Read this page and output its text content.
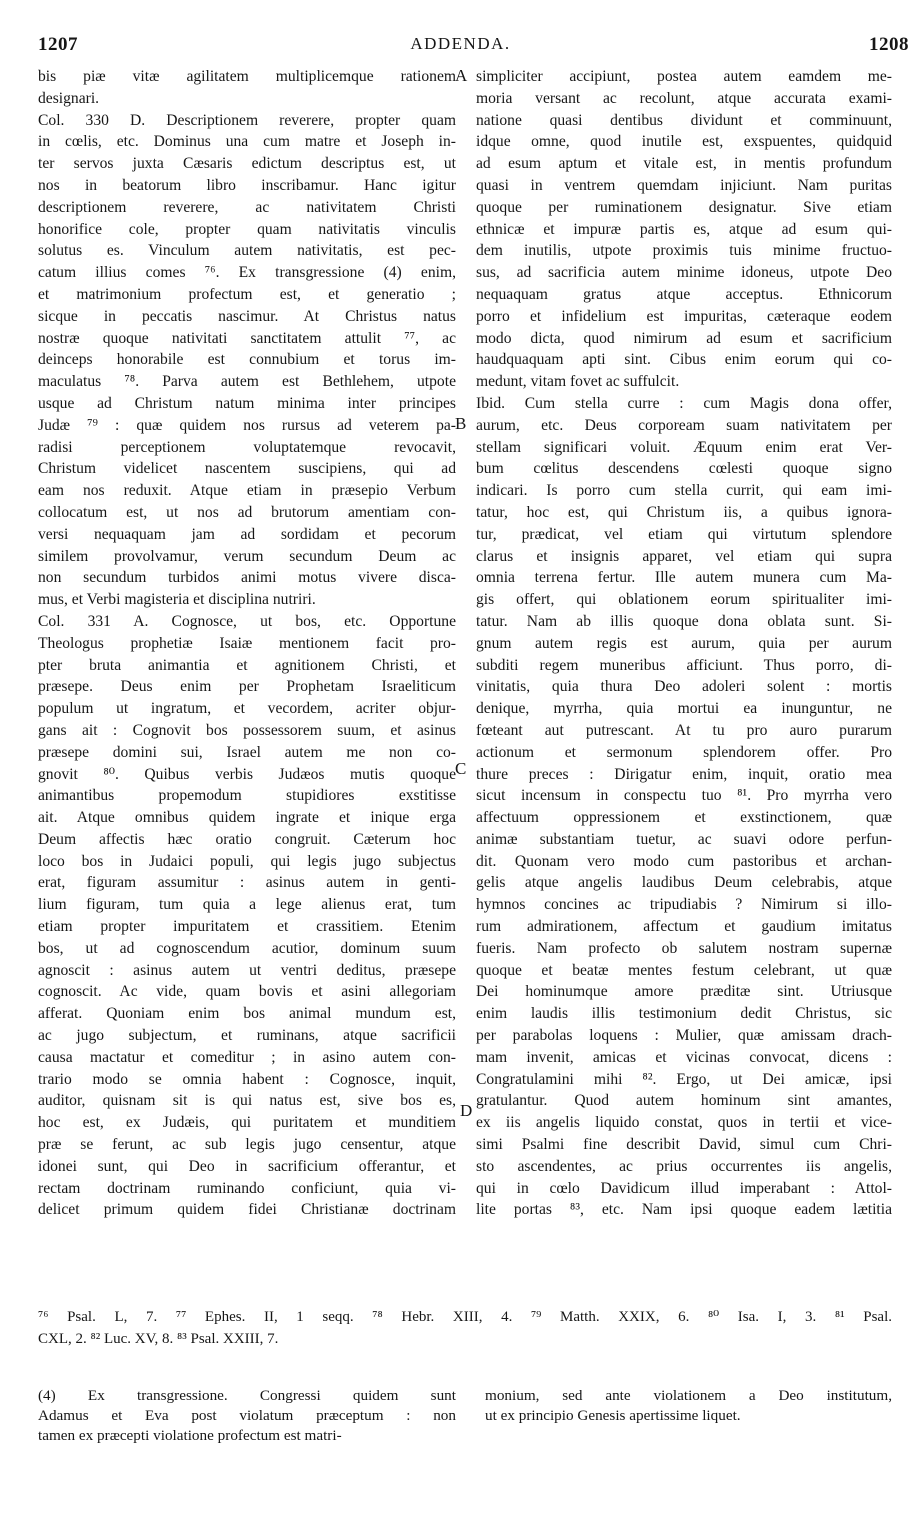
1207	ADDENDA.	1208
bis piæ vitæ agilitatem multiplicemque rationem
designari.
Col. 330 D. Descriptionem reverere, propter quam
in cœlis, etc. Dominus una cum matre et Joseph in-
ter servos juxta Cæsaris edictum descriptus est, ut
nos in beatorum libro inscribamur. Hanc igitur
descriptionem reverere, ac nativitatem Christi
honorifice cole, propter quam nativitatis vinculis
solutus es. Vinculum autem nativitatis, est pec-
catum illius comes ⁷⁶. Ex transgressione (4) enim,
et matrimonium profectum est, et generatio ;
sicque in peccatis nascimur. At Christus natus
nostræ quoque nativitati sanctitatem attulit ⁷⁷, ac
deinceps honorabile est connubium et torus im-
maculatus ⁷⁸. Parva autem est Bethlehem, utpote
usque ad Christum natum minima inter principes
Judæ ⁷⁹ : quæ quidem nos rursus ad veterem pa-
radisi perceptionem voluptatemque revocavit,
Christum videlicet nascentem suscipiens, qui ad
eam nos reduxit. Atque etiam in præsepio Verbum
collocatum est, ut nos ad brutorum amentiam con-
versi nequaquam jam ad sordidam et pecorum
similem provolvamur, verum secundum Deum ac
non secundum turbidos animi motus vivere disca-
mus, et Verbi magisteria et disciplina nutriri.
Col. 331 A. Cognosce, ut bos, etc. Opportune
Theologus prophetiæ Isaiæ mentionem facit pro-
pter bruta animantia et agnitionem Christi, et
præsepe. Deus enim per Prophetam Israeliticum
populum ut ingratum, et vecordem, acriter objur-
gans ait : Cognovit bos possessorem suum, et asinus
præsepe domini sui, Israel autem me non co-
gnovit ⁸⁰. Quibus verbis Judæos mutis quoque
animantibus propemodum stupidiores exstitisse
ait. Atque omnibus quidem ingrate et inique erga
Deum affectis hæc oratio congruit. Cæterum hoc
loco bos in Judaici populi, qui legis jugo subjectus
erat, figuram assumitur : asinus autem in genti-
lium figuram, tum quia a lege alienus erat, tum
etiam propter impuritatem et crassitiem. Etenim
bos, ut ad cognoscendum acutior, dominum suum
agnoscit : asinus autem ut ventri deditus, præsepe
cognoscit. Ac vide, quam bovis et asini allegoriam
afferat. Quoniam enim bos animal mundum est,
ac jugo subjectum, et ruminans, atque sacrificii
causa mactatur et comeditur ; in asino autem con-
trario modo se omnia habent : Cognosce, inquit,
auditor, quisnam sit is qui natus est, sive bos es,
hoc est, ex Judæis, qui puritatem et munditiem
præ se ferunt, ac sub legis jugo censentur, atque
idonei sunt, qui Deo in sacrificium offerantur, et
rectam doctrinam ruminando conficiunt, quia vi-
delicet primum quidem fidei Christianæ doctrinam
simpliciter accipiunt, postea autem eamdem me-
moria versant ac recolunt, atque accurata exami-
natione quasi dentibus dividunt et comminuunt,
idque omne, quod inutile est, exspuentes, quidquid
ad esum aptum et vitale est, in mentis profundum
quasi in ventrem quemdam injiciunt. Nam puritas
quoque per ruminationem designatur. Sive etiam
ethnicæ et impuræ partis es, atque ad esum qui-
dem inutilis, utpote proximis tuis minime fructuo-
sus, ad sacrificia autem minime idoneus, utpote Deo
nequaquam gratus atque acceptus. Ethnicorum
porro et infidelium est impuritas, cæteraque eodem
modo dicta, quod nimirum ad esum et sacrificium
haudquaquam apti sint. Cibus enim eorum qui co-
medunt, vitam fovet ac suffulcit.
Ibid. Cum stella curre : cum Magis dona offer,
aurum, etc. Deus corpoream suam nativitatem per
stellam significari voluit. Æquum enim erat Ver-
bum cœlitus descendens cœlesti quoque signo
indicari. Is porro cum stella currit, qui eam imi-
tatur, hoc est, qui Christum iis, a quibus ignora-
tur, prædicat, vel etiam qui virtutum splendore
clarus et insignis apparet, vel etiam qui supra
omnia terrena fertur. Ille autem munera cum Ma-
gis offert, qui oblationem eorum spiritualiter imi-
tatur. Nam ab illis quoque dona oblata sunt. Si-
gnum autem regis est aurum, quia per aurum
subditi regem muneribus afficiunt. Thus porro, di-
vinitatis, quia thura Deo adoleri solent : mortis
denique, myrrha, quia mortui ea inunguntur, ne
fœteant aut putrescant. At tu pro auro purarum
actionum et sermonum splendorem offer. Pro
thure preces : Dirigatur enim, inquit, oratio mea
sicut incensum in conspectu tuo ⁸¹. Pro myrrha vero
affectuum oppressionem et exstinctionem, quæ
animæ substantiam tuetur, ac suavi odore perfun-
dit. Quonam vero modo cum pastoribus et archan-
gelis atque angelis laudibus Deum celebrabis, atque
hymnos concines ac tripudiabis ? Nimirum si illo-
rum admirationem, affectum et gaudium imitatus
fueris. Nam profecto ob salutem nostram supernæ
quoque et beatæ mentes festum celebrant, ut quæ
Dei hominumque amore præditæ sint. Utriusque
enim laudis illis testimonium dedit Christus, sic
per parabolas loquens : Mulier, quæ amissam drach-
mam invenit, amicas et vicinas convocat, dicens :
Congratulamini mihi ⁸². Ergo, ut Dei amicæ, ipsi
gratulantur. Quod autem hominum sint amantes,
ex iis angelis liquido constat, quos in tertii et vice-
simi Psalmi fine describit David, simul cum Chri-
sto ascendentes, ac prius occurrentes iis angelis,
qui in cœlo Davidicum illud imperabant : Attol-
lite portas ⁸³, etc. Nam ipsi quoque eadem lætitia
A
B
C
D
⁷⁶ Psal. L, 7. ⁷⁷ Ephes. II, 1 seqq. ⁷⁸ Hebr. XIII, 4. ⁷⁹ Matth. XXIX, 6. ⁸⁰ Isa. I, 3. ⁸¹ Psal.
CXL, 2. ⁸² Luc. XV, 8. ⁸³ Psal. XXIII, 7.
(4) Ex transgressione. Congressi quidem sunt
Adamus et Eva post violatum præceptum : non
tamen ex præcepti violatione profectum est matri-
monium, sed ante violationem a Deo institutum,
ut ex principio Genesis apertissime liquet.
